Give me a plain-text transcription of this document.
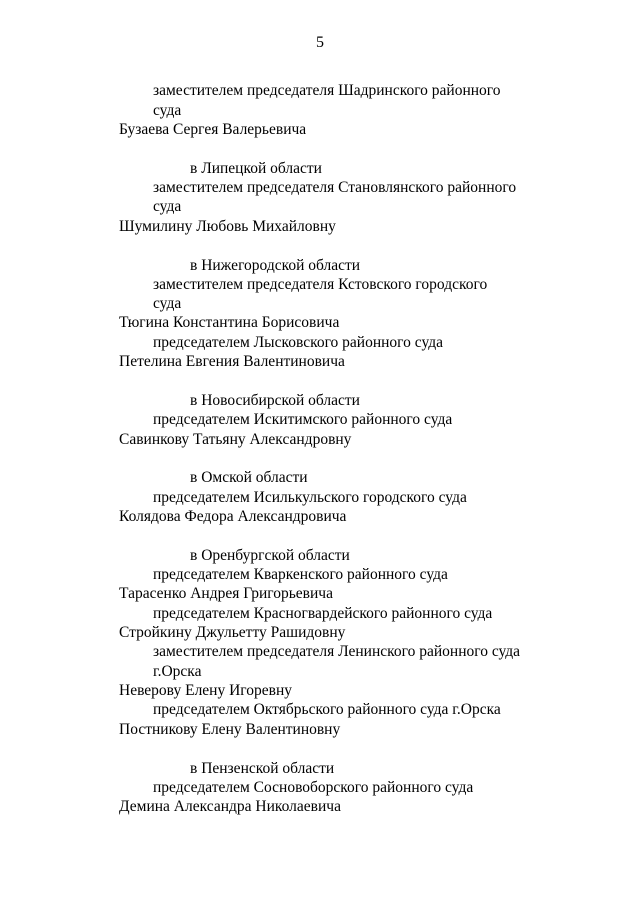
5
заместителем председателя Шадринского районного
суда
Бузаева Сергея Валерьевича
в Липецкой области
заместителем председателя Становлянского районного
суда
Шумилину Любовь Михайловну
в Нижегородской области
заместителем председателя Кстовского городского
суда
Тюгина Константина Борисовича
председателем Лысковского районного суда
Петелина Евгения Валентиновича
в Новосибирской области
председателем Искитимского районного суда
Савинкову Татьяну Александровну
в Омской области
председателем Исилькульского городского суда
Колядова Федора Александровича
в Оренбургской области
председателем Кваркенского районного суда
Тарасенко Андрея Григорьевича
председателем Красногвардейского районного суда
Стройкину Джульетту Рашидовну
заместителем председателя Ленинского районного суда
г.Орска
Неверову Елену Игоревну
председателем Октябрьского районного суда г.Орска
Постникову Елену Валентиновну
в Пензенской области
председателем Сосновоборского районного суда
Демина Александра Николаевича
